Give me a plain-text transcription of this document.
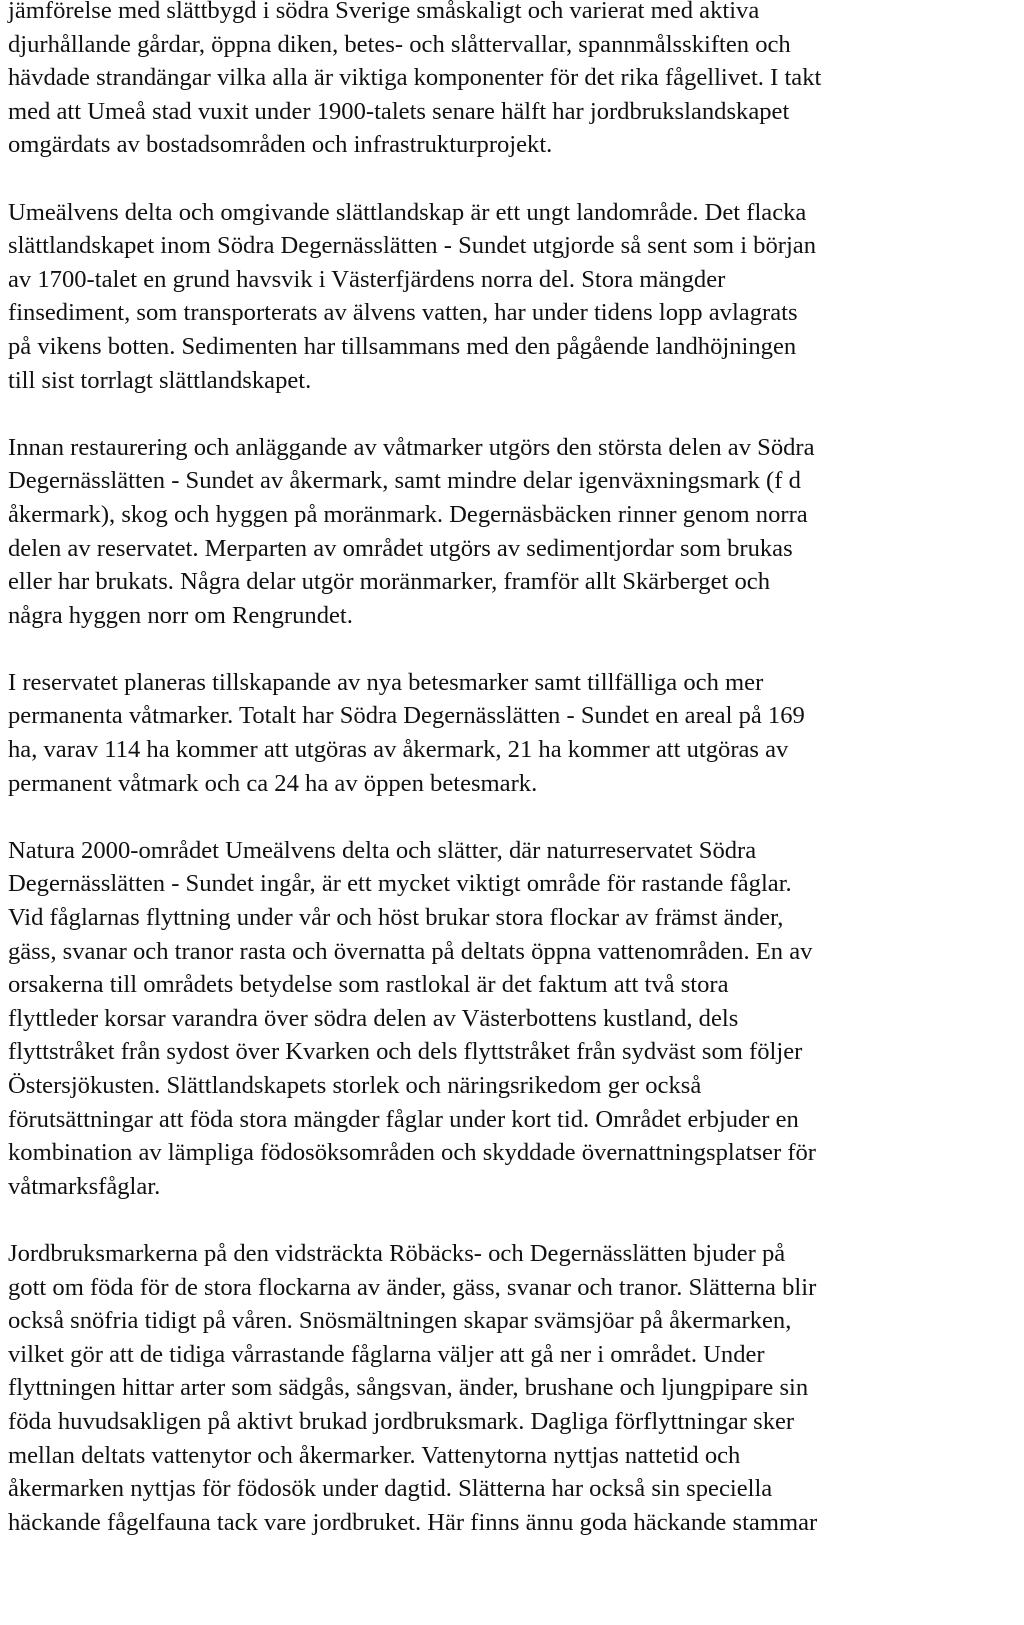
jämförelse med slättbygd i södra Sverige småskaligt och varierat med aktiva
djurhållande gårdar, öppna diken, betes- och slåttervallar, spannmålsskiften och
hävdade strandängar vilka alla är viktiga komponenter för det rika fågellivet. I takt
med att Umeå stad vuxit under 1900-talets senare hälft har jordbrukslandskapet
omgärdats av bostadsområden och infrastrukturprojekt.
Umeälvens delta och omgivande slättlandskap är ett ungt landområde. Det flacka
slättlandskapet inom Södra Degernässlätten - Sundet utgjorde så sent som i början
av 1700-talet en grund havsvik i Västerfjärdens norra del. Stora mängder
finsediment, som transporterats av älvens vatten, har under tidens lopp avlagrats
på vikens botten. Sedimenten har tillsammans med den pågående landhöjningen
till sist torrlagt slättlandskapet.
Innan restaurering och anläggande av våtmarker utgörs den största delen av Södra
Degernässlätten - Sundet av åkermark, samt mindre delar igenväxningsmark (f d
åkermark), skog och hyggen på moränmark. Degernäsbäcken rinner genom norra
delen av reservatet. Merparten av området utgörs av sedimentjordar som brukas
eller har brukats. Några delar utgör moränmarker, framför allt Skärberget och
några hyggen norr om Rengrundet.
I reservatet planeras tillskapande av nya betesmarker samt tillfälliga och mer
permanenta våtmarker. Totalt har Södra Degernässlätten - Sundet en areal på 169
ha, varav 114 ha kommer att utgöras av åkermark, 21 ha kommer att utgöras av
permanent våtmark och ca 24 ha av öppen betesmark.
Natura 2000-området Umeälvens delta och slätter, där naturreservatet Södra
Degernässlätten - Sundet ingår, är ett mycket viktigt område för rastande fåglar.
Vid fåglarnas flyttning under vår och höst brukar stora flockar av främst änder,
gäss, svanar och tranor rasta och övernatta på deltats öppna vattenområden. En av
orsakerna till områdets betydelse som rastlokal är det faktum att två stora
flyttleder korsar varandra över södra delen av Västerbottens kustland, dels
flyttstråket från sydost över Kvarken och dels flyttstråket från sydväst som följer
Östersjökusten. Slättlandskapets storlek och näringsrikedom ger också
förutsättningar att föda stora mängder fåglar under kort tid. Området erbjuder en
kombination av lämpliga födosöksområden och skyddade övernattningsplatser för
våtmarksfåglar.
Jordbruksmarkerna på den vidsträckta Röbäcks- och Degernässlätten bjuder på
gott om föda för de stora flockarna av änder, gäss, svanar och tranor. Slätterna blir
också snöfria tidigt på våren. Snösmältningen skapar svämsjöar på åkermarken,
vilket gör att de tidiga vårrastande fåglarna väljer att gå ner i området. Under
flyttningen hittar arter som sädgås, sångsvan, änder, brushane och ljungpipare sin
föda huvudsakligen på aktivt brukad jordbruksmark. Dagliga förflyttningar sker
mellan deltats vattenytor och åkermarker. Vattenytorna nyttjas nattetid och
åkermarken nyttjas för födosök under dagtid. Slätterna har också sin speciella
häckande fågelfauna tack vare jordbruket. Här finns ännu goda häckande stammar
